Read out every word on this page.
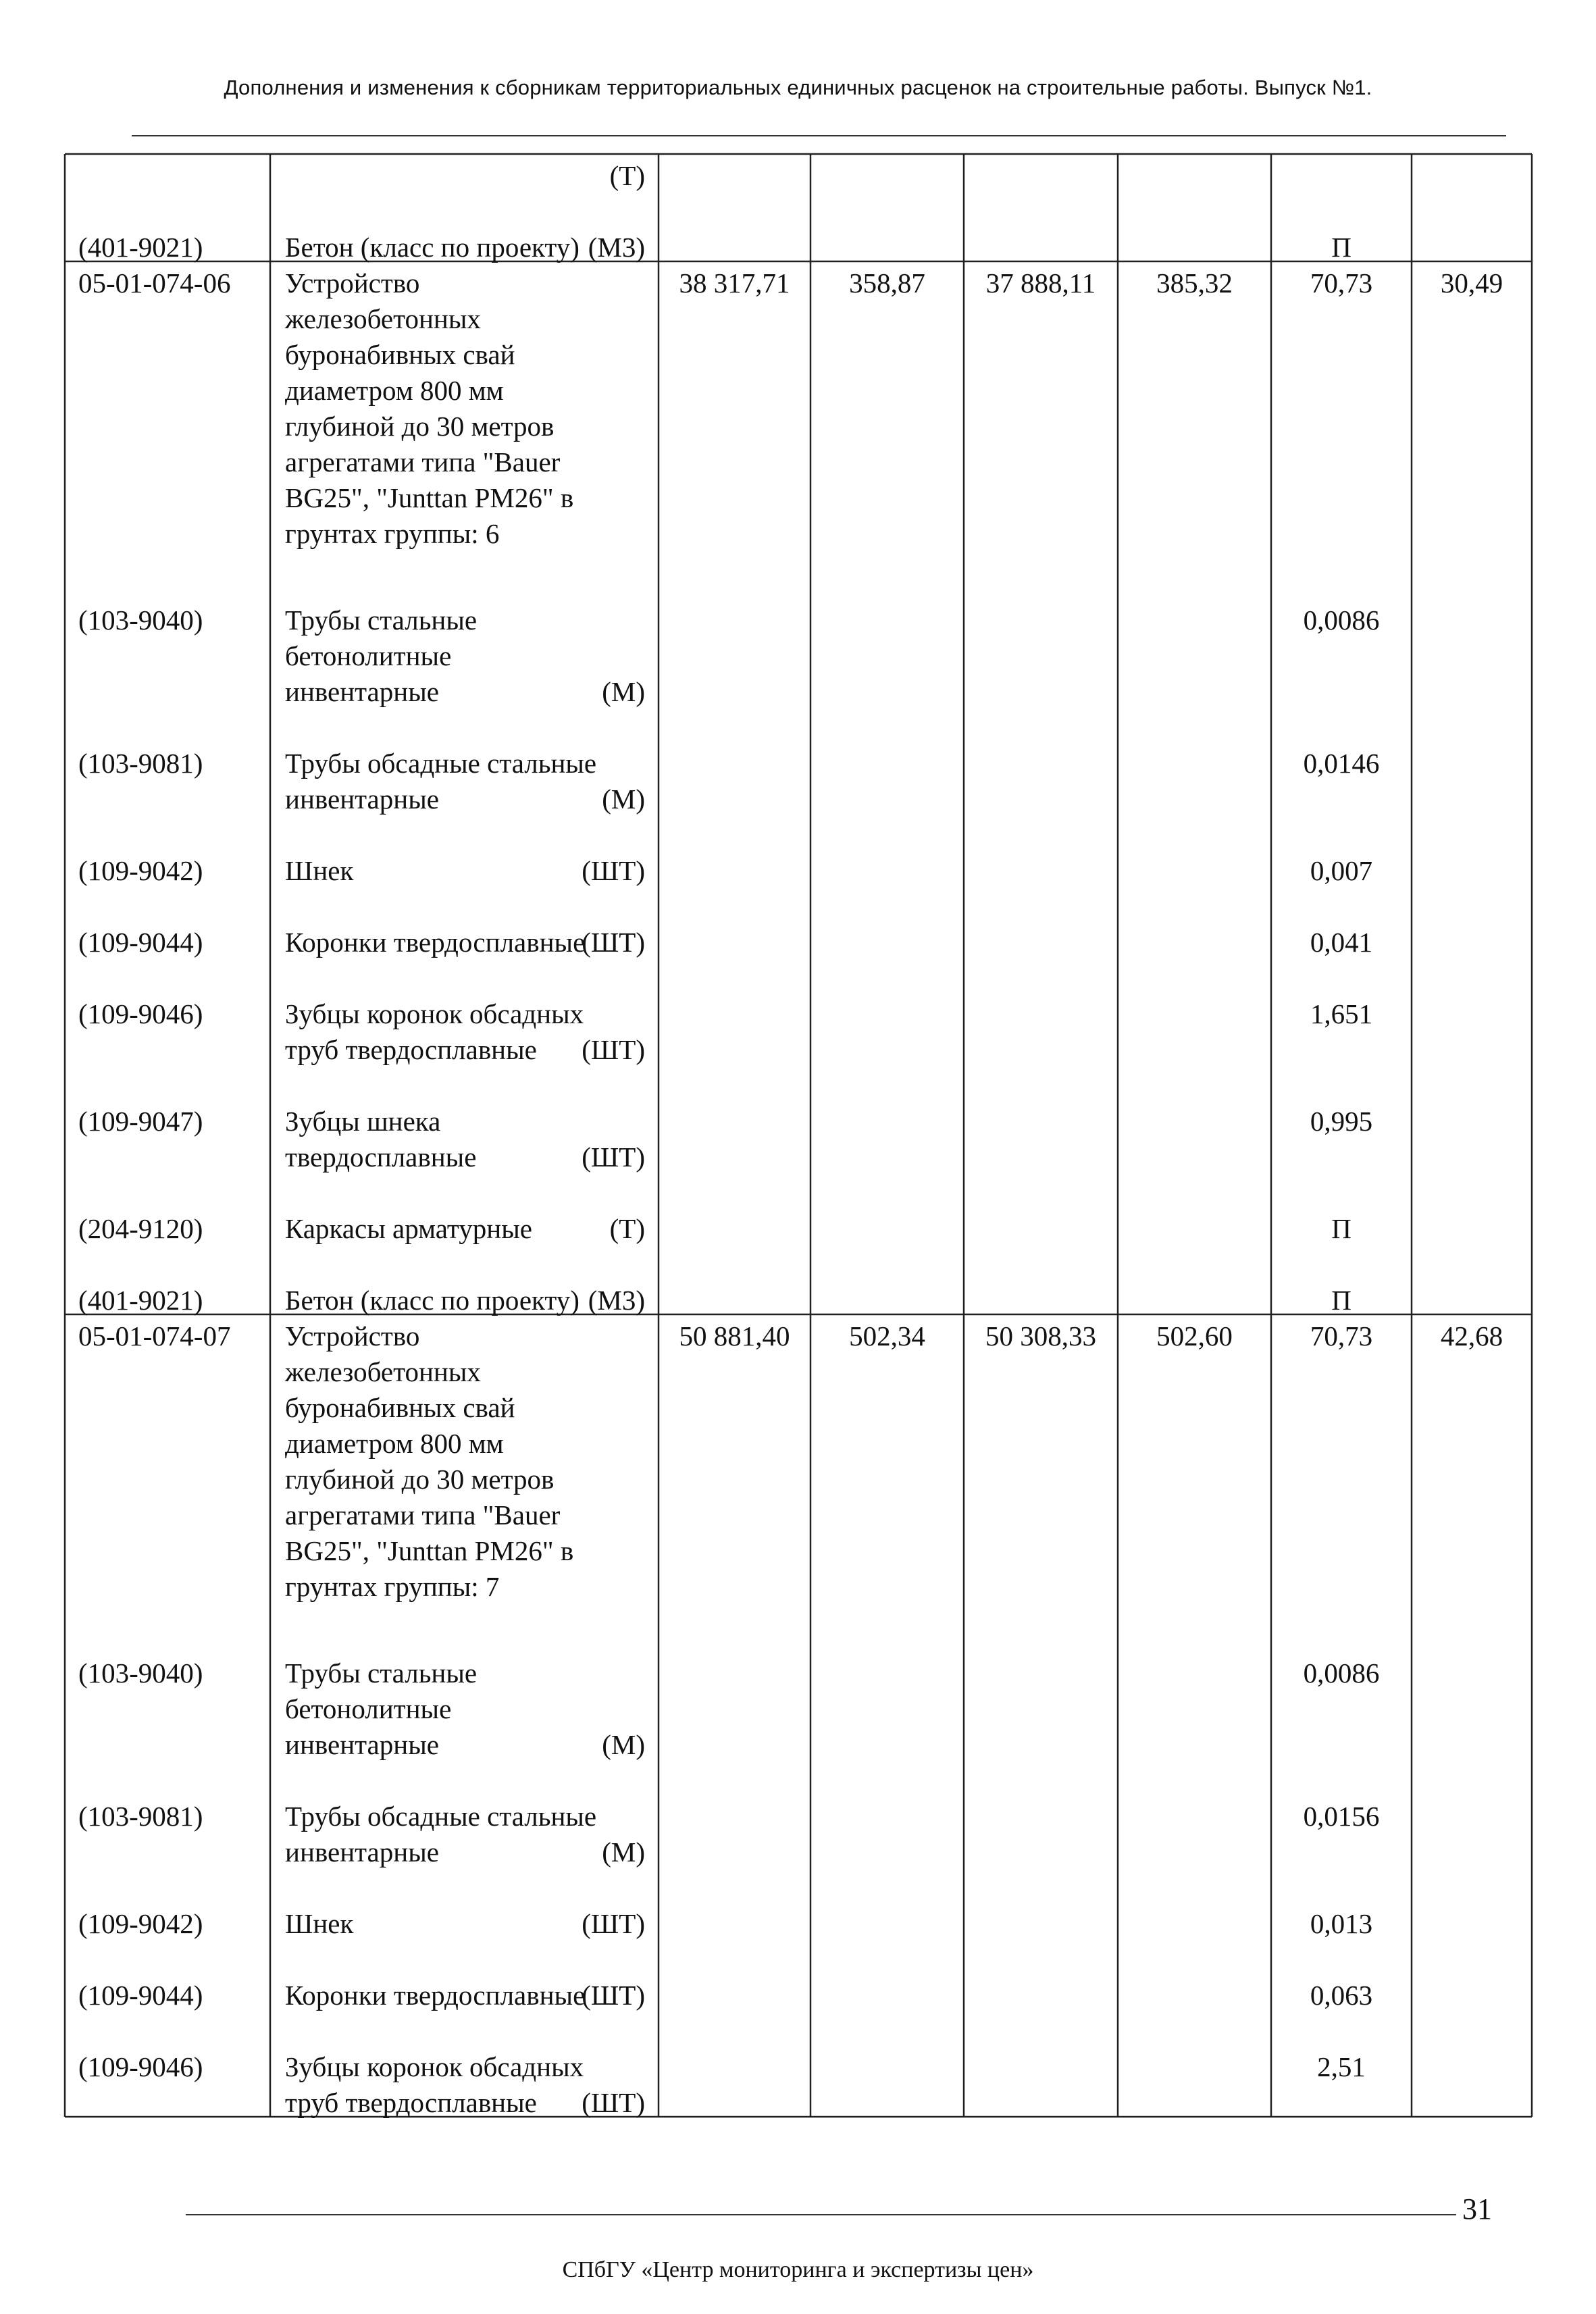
Дополнения и изменения к сборникам территориальных единичных расценок на строительные работы. Выпуск №1.
(Т)
(401-9021)	Бетон (класс по проекту) (М3)	П
05-01-074-06 Устройство
железобетонных
буронабивных свай
диаметром 800 мм
глубиной до 30 метров
агрегатами типа "Bauer
BG25", "Junttan PM26" в
грунтах группы: 6
38 317,71	358,87	37 888,11	385,32	70,73	30,49
(103-9040)	Трубы стальные
бетонолитные
инвентарные	(М)
0,0086
(103-9081)	Трубы обсадные стальные
инвентарные	(М)
0,0146
(109-9042)	Шнек	(ШТ)	0,007
(109-9044)	Коронки твердосплавные
(ШТ)	0,041
(109-9046)	Зубцы коронок обсадных
труб твердосплавные	(ШТ)
1,651
(109-9047)	Зубцы шнека
твердосплавные	(ШТ)
0,995
(204-9120)	Каркасы арматурные	(Т)	П
(401-9021)	Бетон (класс по проекту) (М3)	П
05-01-074-07 Устройство
железобетонных
буронабивных свай
диаметром 800 мм
глубиной до 30 метров
агрегатами типа "Bauer
BG25", "Junttan PM26" в
грунтах группы: 7
50 881,40	502,34	50 308,33	502,60	70,73	42,68
(103-9040)	Трубы стальные
бетонолитные
инвентарные	(М)
0,0086
(103-9081)	Трубы обсадные стальные
инвентарные	(М)
0,0156
(109-9042)	Шнек	(ШТ)	0,013
(109-9044)	Коронки твердосплавные
(ШТ)	0,063
(109-9046)	Зубцы коронок обсадных
труб твердосплавные	(ШТ)
2,51
31
СПбГУ «Центр мониторинга и экспертизы цен»
